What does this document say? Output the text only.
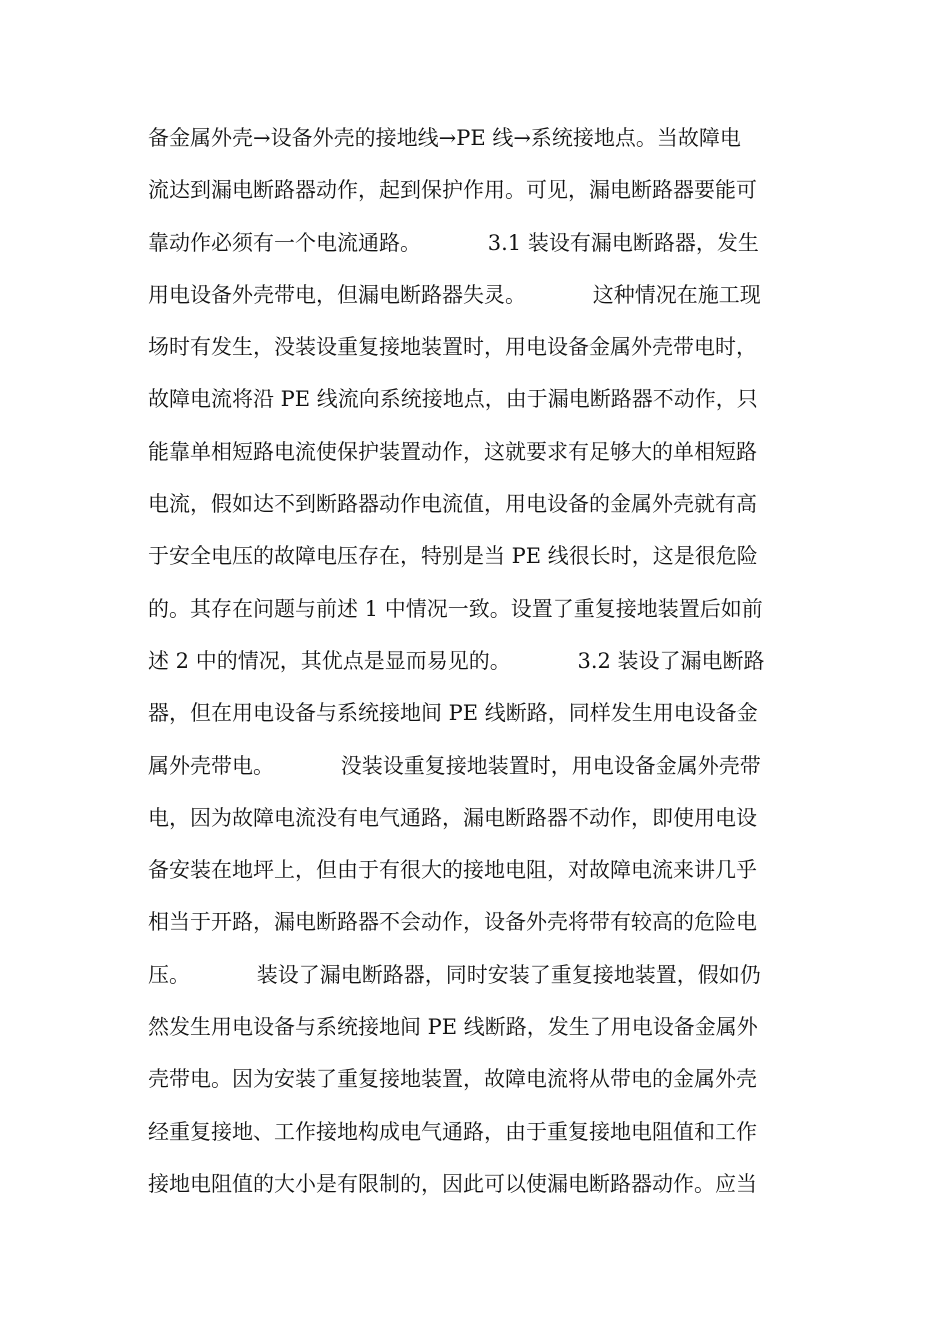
备金属外壳→设备外壳的接地线→PE 线→系统接地点。当故障电
流达到漏电断路器动作，起到保护作用。可见，漏电断路器要能可
靠动作必须有一个电流通路。          3.1 装设有漏电断路器，发生
用电设备外壳带电，但漏电断路器失灵。          这种情况在施工现
场时有发生，没装设重复接地装置时，用电设备金属外壳带电时，
故障电流将沿 PE 线流向系统接地点，由于漏电断路器不动作，只
能靠单相短路电流使保护装置动作，这就要求有足够大的单相短路
电流，假如达不到断路器动作电流值，用电设备的金属外壳就有高
于安全电压的故障电压存在，特别是当 PE 线很长时，这是很危险
的。其存在问题与前述 1 中情况一致。设置了重复接地装置后如前
述 2 中的情况，其优点是显而易见的。          3.2 装设了漏电断路
器，但在用电设备与系统接地间 PE 线断路，同样发生用电设备金
属外壳带电。          没装设重复接地装置时，用电设备金属外壳带
电，因为故障电流没有电气通路，漏电断路器不动作，即使用电设
备安装在地坪上，但由于有很大的接地电阻，对故障电流来讲几乎
相当于开路，漏电断路器不会动作，设备外壳将带有较高的危险电
压。          装设了漏电断路器，同时安装了重复接地装置，假如仍
然发生用电设备与系统接地间 PE 线断路，发生了用电设备金属外
壳带电。因为安装了重复接地装置，故障电流将从带电的金属外壳
经重复接地、工作接地构成电气通路，由于重复接地电阻值和工作
接地电阻值的大小是有限制的，因此可以使漏电断路器动作。应当
